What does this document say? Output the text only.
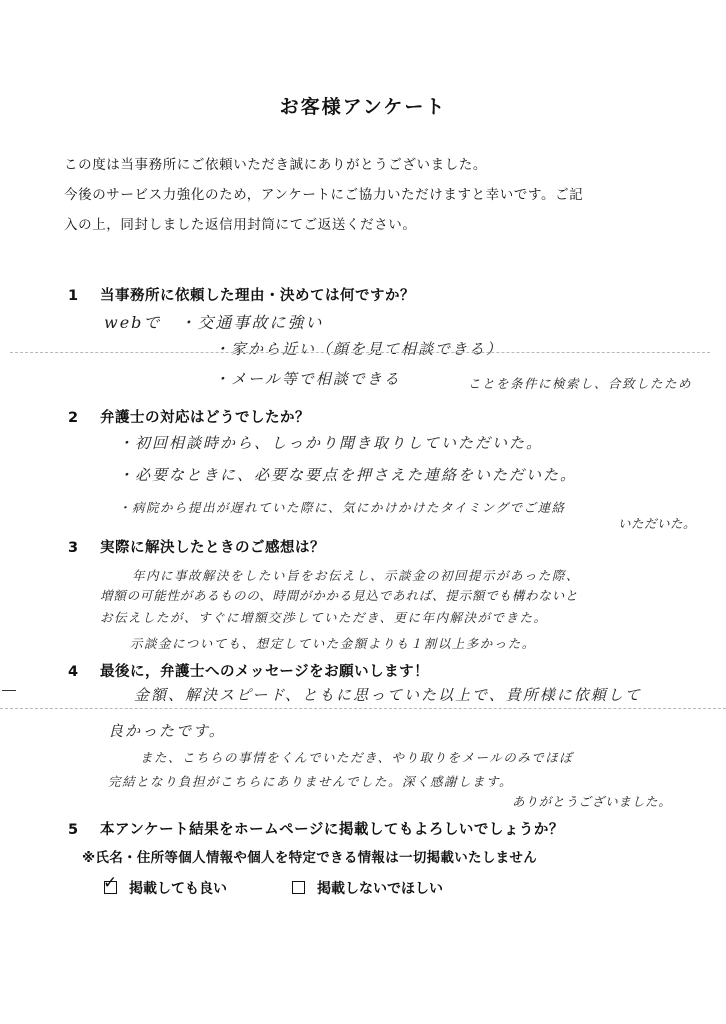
お客様アンケート
この度は当事務所にご依頼いただき誠にありがとうございました。
今後のサービス力強化のため，アンケートにご協力いただけますと幸いです。ご記
入の上，同封しました返信用封筒にてご返送ください。
1 当事務所に依頼した理由・決めては何ですか？
webで　・交通事故に強い
・家から近い（顔を見て相談できる）
・メール等で相談できる	ことを条件に検索し、合致したため
2 弁護士の対応はどうでしたか？
・初回相談時から、しっかり聞き取りしていただいた。
・必要なときに、必要な要点を押さえた連絡をいただいた。
・病院から提出が遅れていた際に、気にかけかけたタイミングでご連絡
いただいた。
3 実際に解決したときのご感想は？
年内に事故解決をしたい旨をお伝えし、示談金の初回提示があった際、
増額の可能性があるものの、時間がかかる見込であれば、提示額でも構わないと
お伝えしたが、すぐに増額交渉していただき、更に年内解決ができた。
示談金についても、想定していた金額よりも１割以上多かった。
4 最後に，弁護士へのメッセージをお願いします！
金額、解決スピード、ともに思っていた以上で、貴所様に依頼して
良かったです。
また、こちらの事情をくんでいただき、やり取りをメールのみでほぼ
完結となり負担がこちらにありませんでした。深く感謝します。
ありがとうございました。
5 本アンケート結果をホームページに掲載してもよろしいでしょうか？
※氏名・住所等個人情報や個人を特定できる情報は一切掲載いたしません
✓ 掲載しても良い	掲載しないでほしい
